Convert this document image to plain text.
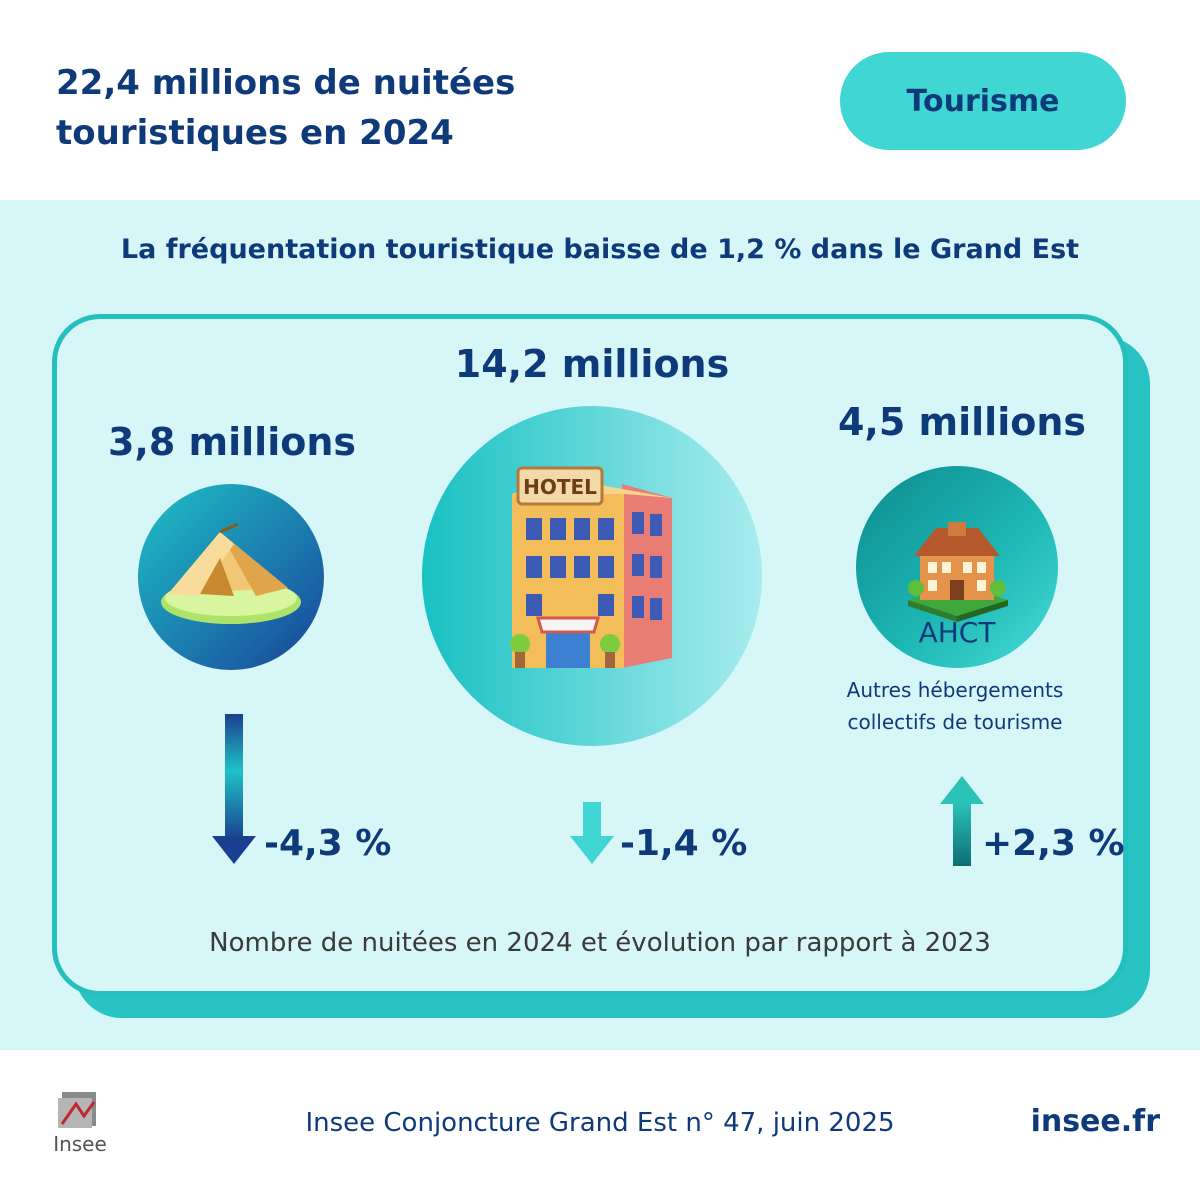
22,4 millions de nuitées
touristiques en 2024
Tourisme
La fréquentation touristique baisse de 1,2 % dans le Grand Est
3,8 millions
14,2 millions
HOTEL
4,5 millions
AHCT
Autres hébergements
collectifs de tourisme
-4,3 %	-1,4 %	+2,3 %
Nombre de nuitées en 2024 et évolution par rapport à 2023
Insee
Insee Conjoncture Grand Est n° 47, juin 2025	insee.fr
